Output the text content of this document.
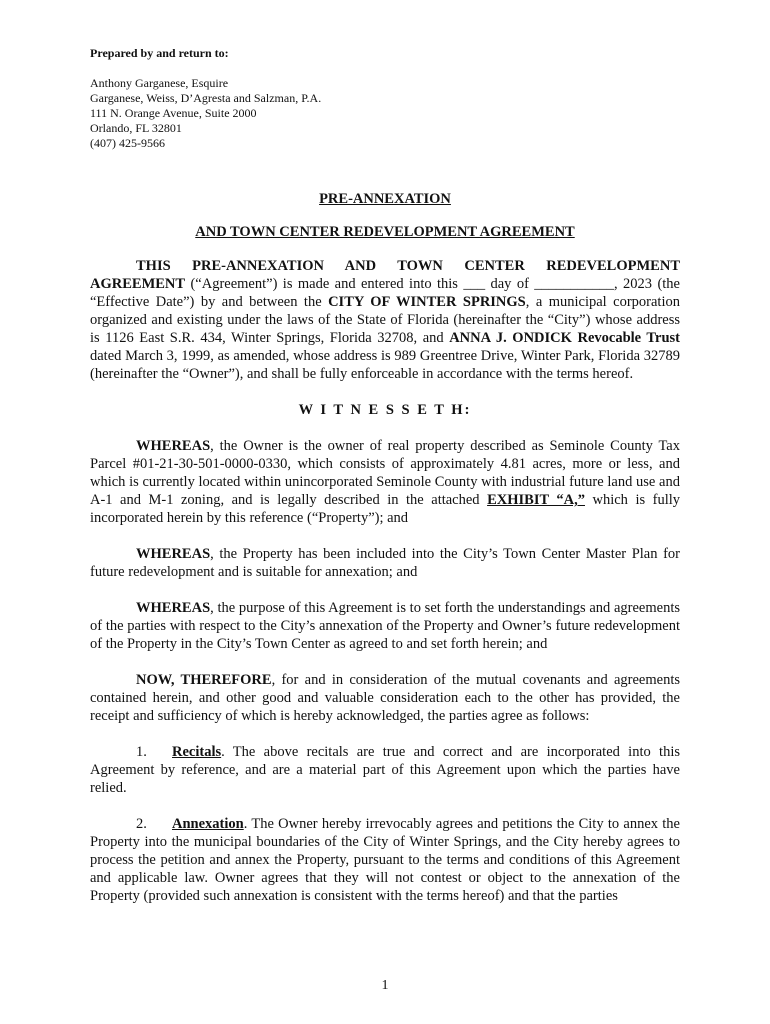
Prepared by and return to:
Anthony Garganese, Esquire
Garganese, Weiss, D’Agresta and Salzman, P.A.
111 N. Orange Avenue, Suite 2000
Orlando, FL 32801
(407) 425-9566
PRE-ANNEXATION
AND TOWN CENTER REDEVELOPMENT AGREEMENT

THIS PRE-ANNEXATION AND TOWN CENTER REDEVELOPMENT AGREEMENT (“Agreement”) is made and entered into this ___ day of ___________, 2023 (the “Effective Date”) by and between the CITY OF WINTER SPRINGS, a municipal corporation organized and existing under the laws of the State of Florida (hereinafter the “City”) whose address is 1126 East S.R. 434, Winter Springs, Florida 32708, and ANNA J. ONDICK Revocable Trust dated March 3, 1999, as amended, whose address is 989 Greentree Drive, Winter Park, Florida 32789 (hereinafter the “Owner”), and shall be fully enforceable in accordance with the terms hereof.

W I T N E S S E T H:

WHEREAS, the Owner is the owner of real property described as Seminole County Tax Parcel #01-21-30-501-0000-0330, which consists of approximately 4.81 acres, more or less, and which is currently located within unincorporated Seminole County with industrial future land use and A-1 and M-1 zoning, and is legally described in the attached EXHIBIT “A,” which is fully incorporated herein by this reference (“Property”); and

WHEREAS, the Property has been included into the City’s Town Center Master Plan for future redevelopment and is suitable for annexation; and

WHEREAS, the purpose of this Agreement is to set forth the understandings and agreements of the parties with respect to the City’s annexation of the Property and Owner’s future redevelopment of the Property in the City’s Town Center as agreed to and set forth herein; and

NOW, THEREFORE, for and in consideration of the mutual covenants and agreements contained herein, and other good and valuable consideration each to the other has provided, the receipt and sufficiency of which is hereby acknowledged, the parties agree as follows:

1. Recitals. The above recitals are true and correct and are incorporated into this Agreement by reference, and are a material part of this Agreement upon which the parties have relied.

2. Annexation. The Owner hereby irrevocably agrees and petitions the City to annex the Property into the municipal boundaries of the City of Winter Springs, and the City hereby agrees to process the petition and annex the Property, pursuant to the terms and conditions of this Agreement and applicable law. Owner agrees that they will not contest or object to the annexation of the Property (provided such annexation is consistent with the terms hereof) and that the parties

1
